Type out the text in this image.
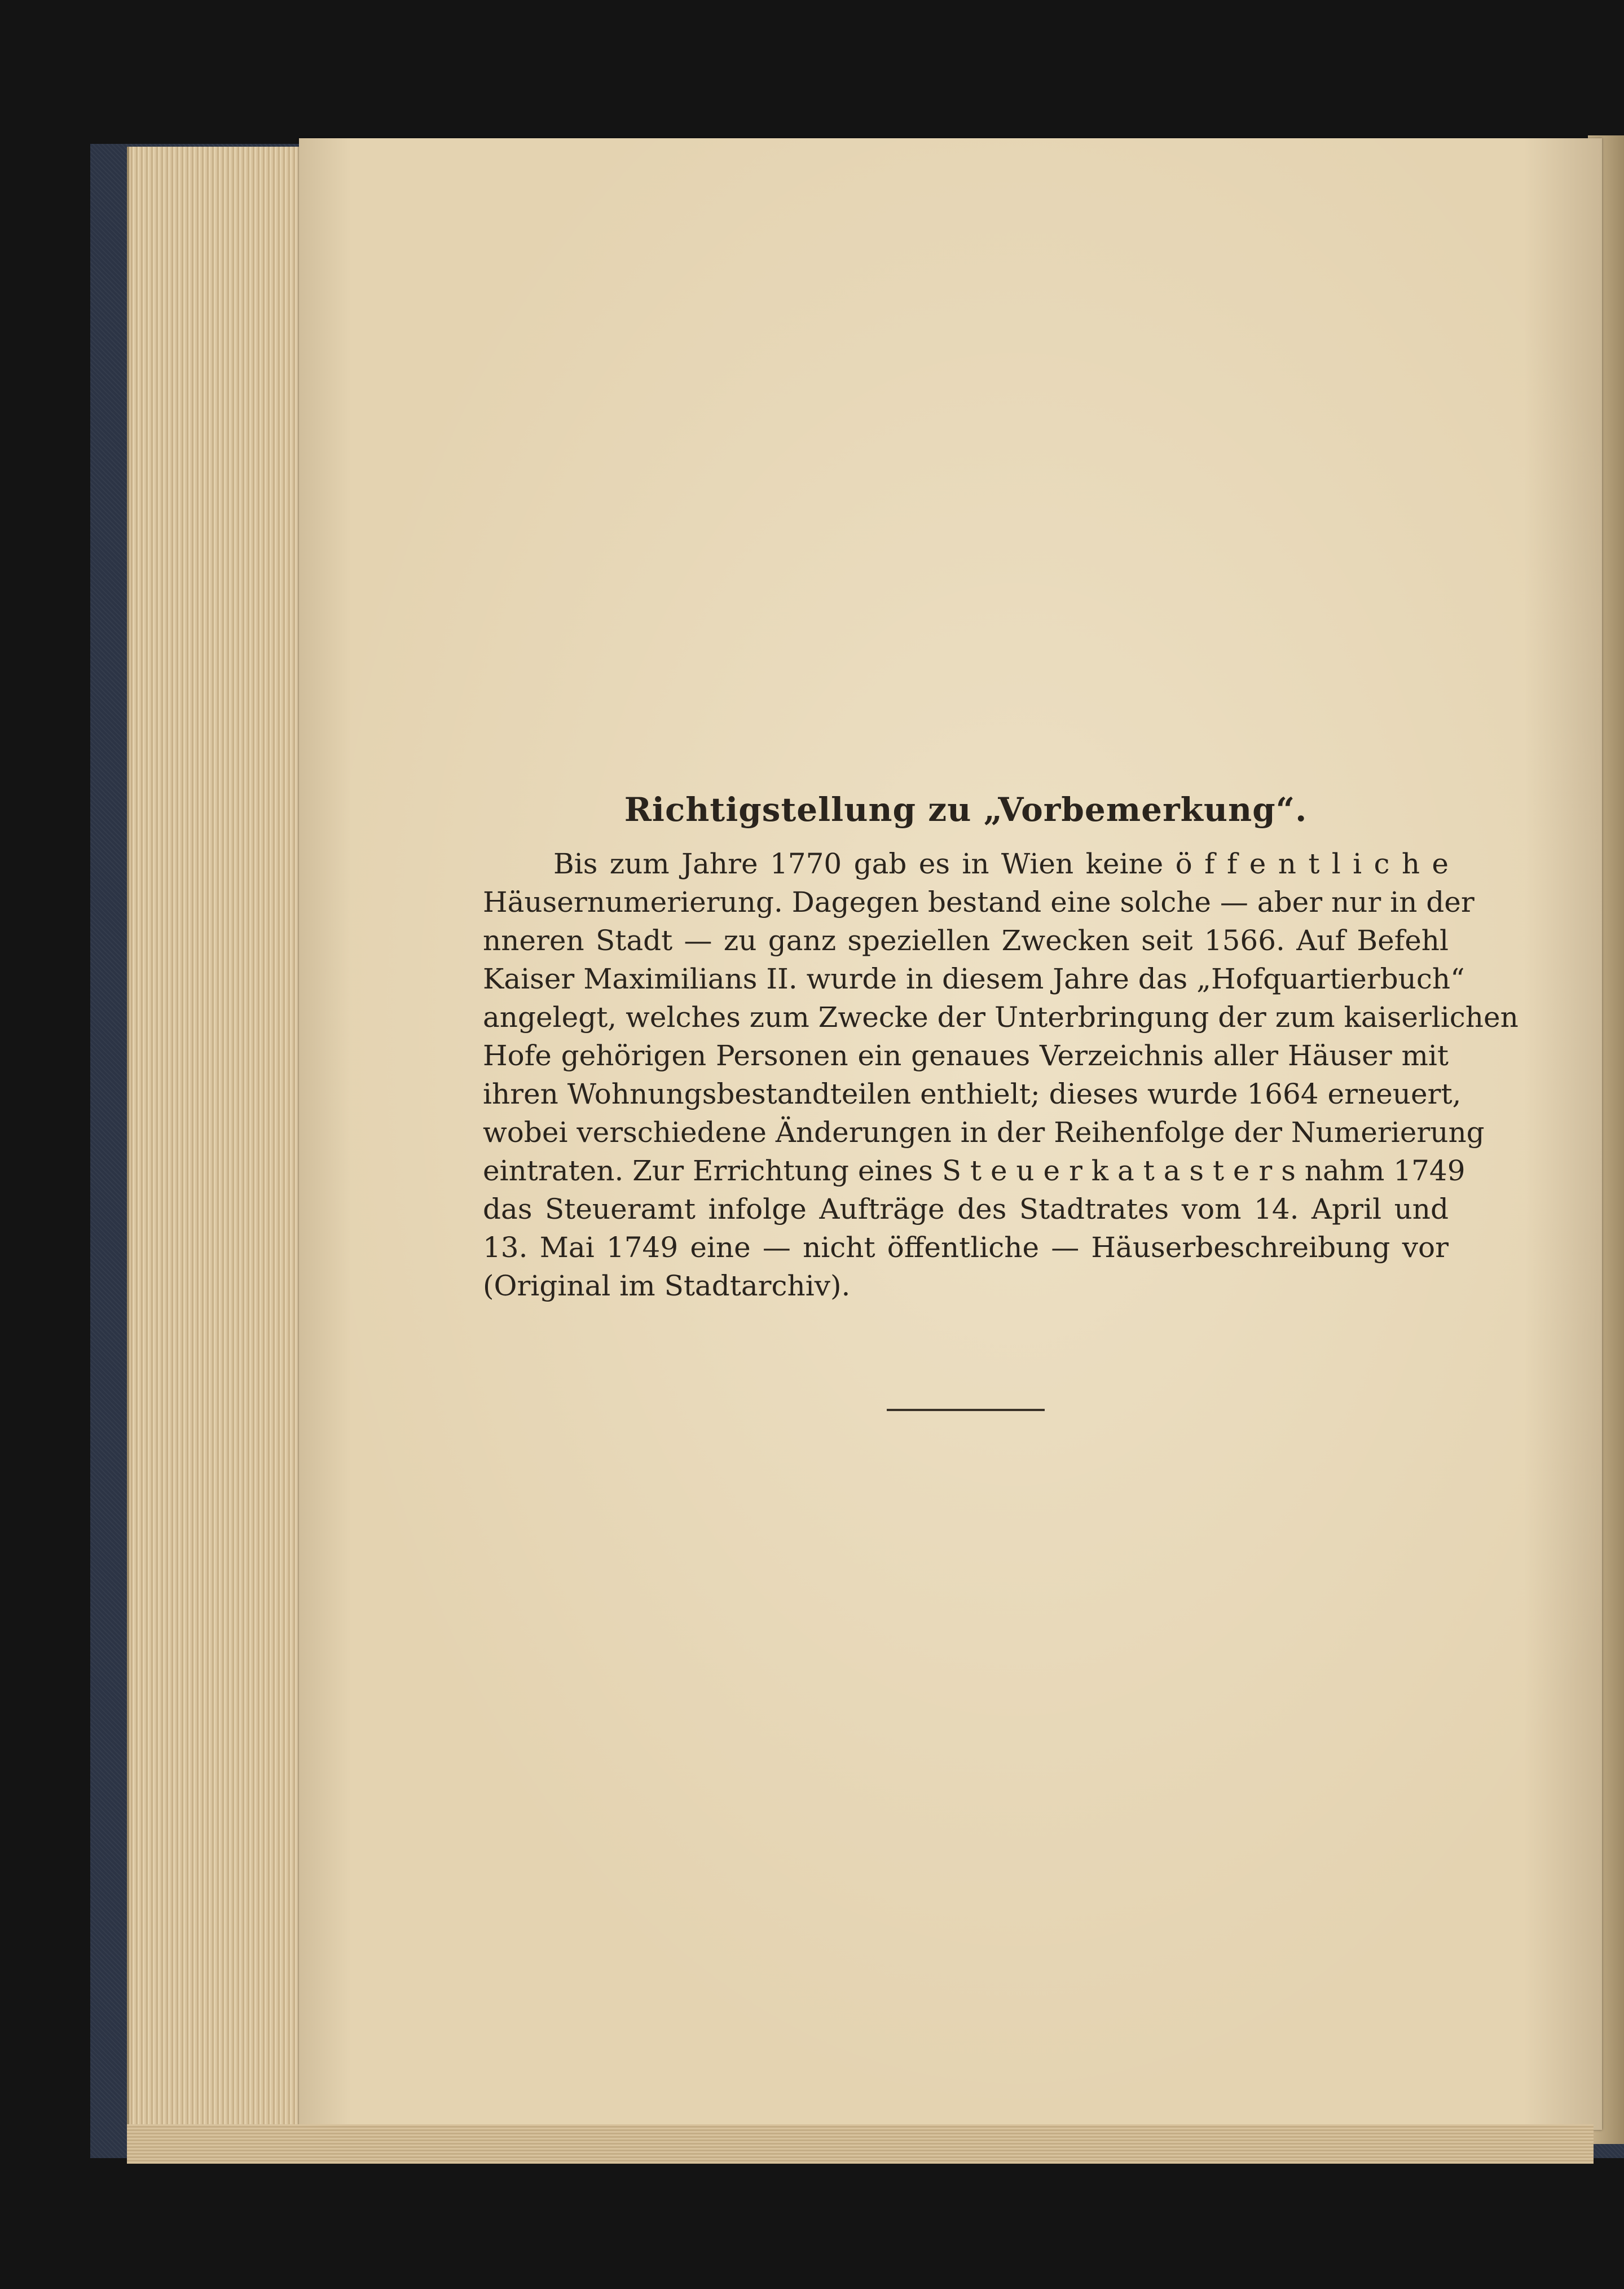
Richtigstellung zu „Vorbemerkung“.
Bis zum Jahre 1770 gab es in Wien keine ö f f e n t l i c h e
Häusernumerierung. Dagegen bestand eine solche — aber nur in der
nneren Stadt — zu ganz speziellen Zwecken seit 1566. Auf Befehl
Kaiser Maximilians II. wurde in diesem Jahre das „Hofquartierbuch“
angelegt, welches zum Zwecke der Unterbringung der zum kaiserlichen
Hofe gehörigen Personen ein genaues Verzeichnis aller Häuser mit
ihren Wohnungsbestandteilen enthielt; dieses wurde 1664 erneuert,
wobei verschiedene Änderungen in der Reihenfolge der Numerierung
eintraten. Zur Errichtung eines S t e u e r k a t a s t e r s nahm 1749
das Steueramt infolge Aufträge des Stadtrates vom 14. April und
13. Mai 1749 eine — nicht öffentliche — Häuserbeschreibung vor
(Original im Stadtarchiv).
